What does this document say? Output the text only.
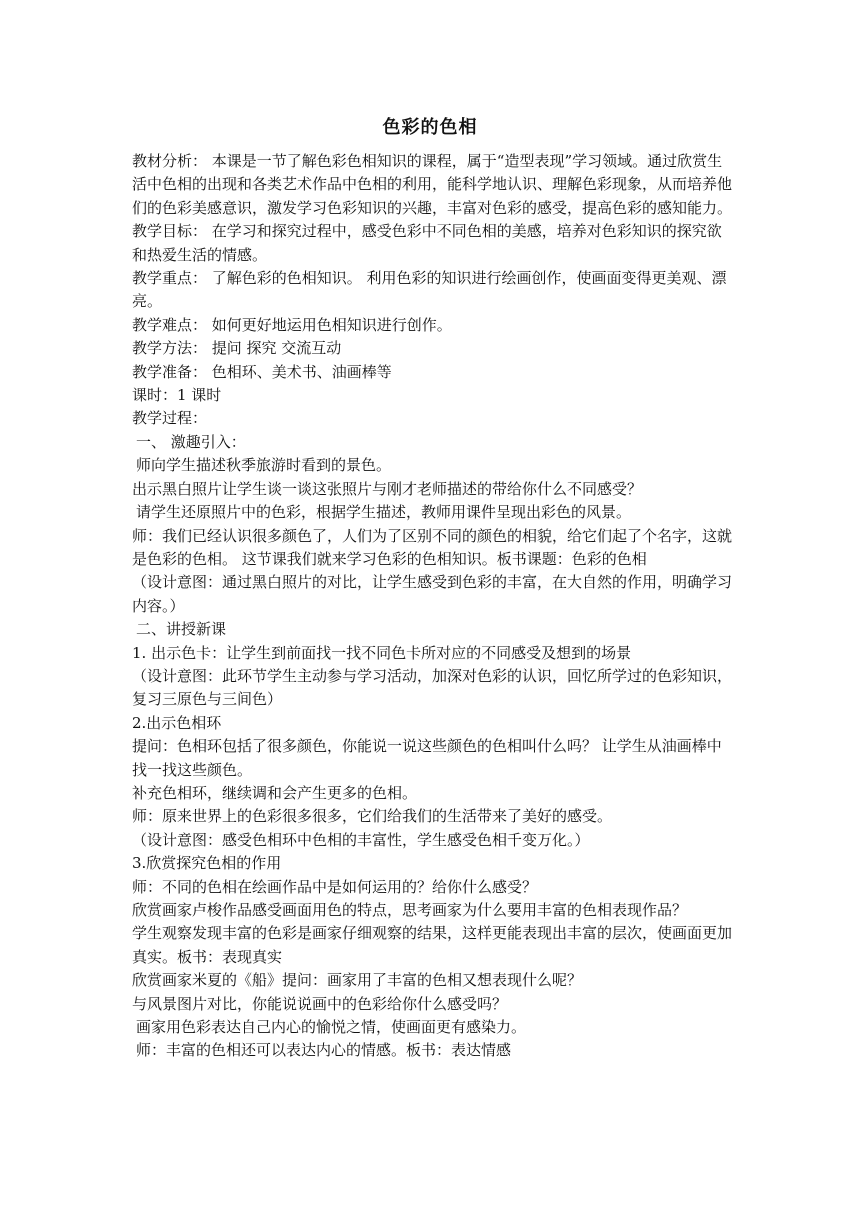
色彩的色相

教材分析： 本课是一节了解色彩色相知识的课程，属于“造型表现”学习领域。通过欣赏生活中色相的出现和各类艺术作品中色相的利用，能科学地认识、理解色彩现象，从而培养他们的色彩美感意识，激发学习色彩知识的兴趣，丰富对色彩的感受，提高色彩的感知能力。

教学目标： 在学习和探究过程中，感受色彩中不同色相的美感，培养对色彩知识的探究欲和热爱生活的情感。

教学重点： 了解色彩的色相知识。 利用色彩的知识进行绘画创作，使画面变得更美观、漂亮。

教学难点： 如何更好地运用色相知识进行创作。

教学方法： 提问 探究 交流互动

教学准备： 色相环、美术书、油画棒等

课时：1 课时

教学过程：

一、 激趣引入：

师向学生描述秋季旅游时看到的景色。

出示黑白照片让学生谈一谈这张照片与刚才老师描述的带给你什么不同感受？

请学生还原照片中的色彩，根据学生描述，教师用课件呈现出彩色的风景。

师：我们已经认识很多颜色了，人们为了区别不同的颜色的相貌，给它们起了个名字，这就是色彩的色相。 这节课我们就来学习色彩的色相知识。板书课题：色彩的色相

（设计意图：通过黑白照片的对比，让学生感受到色彩的丰富，在大自然的作用，明确学习内容。）

二、讲授新课

1. 出示色卡：让学生到前面找一找不同色卡所对应的不同感受及想到的场景

（设计意图：此环节学生主动参与学习活动，加深对色彩的认识，回忆所学过的色彩知识，复习三原色与三间色）

2.出示色相环

提问：色相环包括了很多颜色，你能说一说这些颜色的色相叫什么吗？ 让学生从油画棒中找一找这些颜色。

补充色相环，继续调和会产生更多的色相。

师：原来世界上的色彩很多很多，它们给我们的生活带来了美好的感受。

（设计意图：感受色相环中色相的丰富性，学生感受色相千变万化。）

3.欣赏探究色相的作用

师：不同的色相在绘画作品中是如何运用的？给你什么感受？

欣赏画家卢梭作品感受画面用色的特点，思考画家为什么要用丰富的色相表现作品？

学生观察发现丰富的色彩是画家仔细观察的结果，这样更能表现出丰富的层次，使画面更加真实。板书：表现真实

欣赏画家米夏的《船》提问：画家用了丰富的色相又想表现什么呢？

与风景图片对比，你能说说画中的色彩给你什么感受吗？

画家用色彩表达自己内心的愉悦之情，使画面更有感染力。

师：丰富的色相还可以表达内心的情感。板书：表达情感
